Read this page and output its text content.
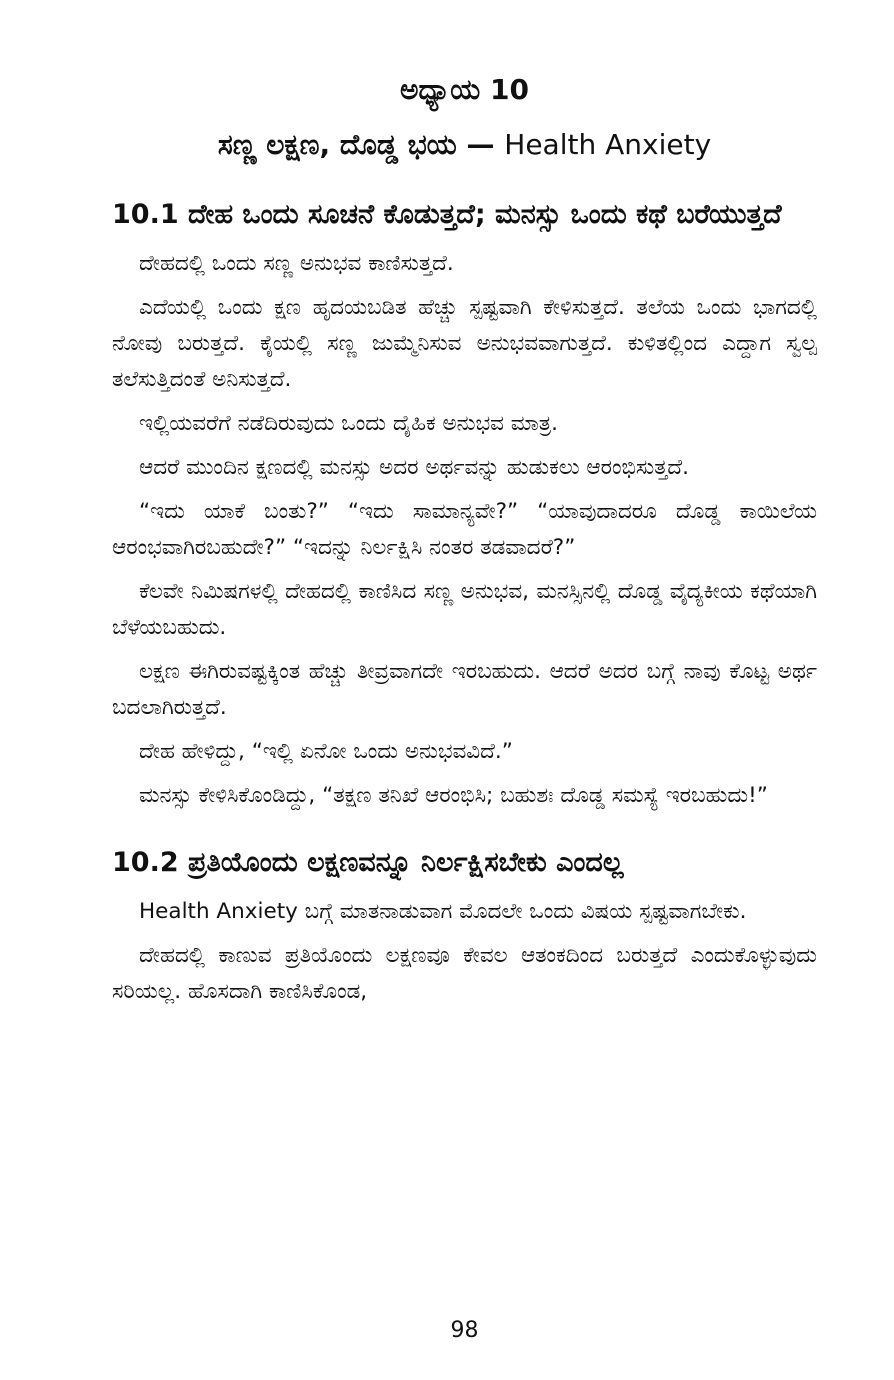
ಅಧ್ಯಾಯ 10
ಸಣ್ಣ ಲಕ್ಷಣ, ದೊಡ್ಡ ಭಯ — Health Anxiety
10.1 ದೇಹ ಒಂದು ಸೂಚನೆ ಕೊಡುತ್ತದೆ; ಮನಸ್ಸು ಒಂದು ಕಥೆ ಬರೆಯುತ್ತದೆ

ದೇಹದಲ್ಲಿ ಒಂದು ಸಣ್ಣ ಅನುಭವ ಕಾಣಿಸುತ್ತದೆ.

ಎದೆಯಲ್ಲಿ ಒಂದು ಕ್ಷಣ ಹೃದಯಬಡಿತ ಹೆಚ್ಚು ಸ್ಪಷ್ಟವಾಗಿ ಕೇಳಿಸುತ್ತದೆ. ತಲೆಯ ಒಂದು ಭಾಗದಲ್ಲಿ ನೋವು ಬರುತ್ತದೆ. ಕೈಯಲ್ಲಿ ಸಣ್ಣ ಜುಮ್ಮೆನಿಸುವ ಅನುಭವವಾಗುತ್ತದೆ. ಕುಳಿತಲ್ಲಿಂದ ಎದ್ದಾಗ ಸ್ವಲ್ಪ ತಲೆಸುತ್ತಿದಂತೆ ಅನಿಸುತ್ತದೆ.

ಇಲ್ಲಿಯವರೆಗೆ ನಡೆದಿರುವುದು ಒಂದು ದೈಹಿಕ ಅನುಭವ ಮಾತ್ರ.

ಆದರೆ ಮುಂದಿನ ಕ್ಷಣದಲ್ಲಿ ಮನಸ್ಸು ಅದರ ಅರ್ಥವನ್ನು ಹುಡುಕಲು ಆರಂಭಿಸುತ್ತದೆ.

“ಇದು ಯಾಕೆ ಬಂತು?” “ಇದು ಸಾಮಾನ್ಯವೇ?” “ಯಾವುದಾದರೂ ದೊಡ್ಡ ಕಾಯಿಲೆಯ ಆರಂಭವಾಗಿರಬಹುದೇ?” “ಇದನ್ನು ನಿರ್ಲಕ್ಷಿಸಿ ನಂತರ ತಡವಾದರೆ?”

ಕೆಲವೇ ನಿಮಿಷಗಳಲ್ಲಿ ದೇಹದಲ್ಲಿ ಕಾಣಿಸಿದ ಸಣ್ಣ ಅನುಭವ, ಮನಸ್ಸಿನಲ್ಲಿ ದೊಡ್ಡ ವೈದ್ಯಕೀಯ ಕಥೆಯಾಗಿ ಬೆಳೆಯಬಹುದು.

ಲಕ್ಷಣ ಈಗಿರುವಷ್ಟಕ್ಕಿಂತ ಹೆಚ್ಚು ತೀವ್ರವಾಗದೇ ಇರಬಹುದು. ಆದರೆ ಅದರ ಬಗ್ಗೆ ನಾವು ಕೊಟ್ಟ ಅರ್ಥ ಬದಲಾಗಿರುತ್ತದೆ.

ದೇಹ ಹೇಳಿದ್ದು, “ಇಲ್ಲಿ ಏನೋ ಒಂದು ಅನುಭವವಿದೆ.”

ಮನಸ್ಸು ಕೇಳಿಸಿಕೊಂಡಿದ್ದು, “ತಕ್ಷಣ ತನಿಖೆ ಆರಂಭಿಸಿ; ಬಹುಶಃ ದೊಡ್ಡ ಸಮಸ್ಯೆ ಇರಬಹುದು!”

10.2 ಪ್ರತಿಯೊಂದು ಲಕ್ಷಣವನ್ನೂ ನಿರ್ಲಕ್ಷಿಸಬೇಕು ಎಂದಲ್ಲ

Health Anxiety ಬಗ್ಗೆ ಮಾತನಾಡುವಾಗ ಮೊದಲೇ ಒಂದು ವಿಷಯ ಸ್ಪಷ್ಟವಾಗಬೇಕು.

ದೇಹದಲ್ಲಿ ಕಾಣುವ ಪ್ರತಿಯೊಂದು ಲಕ್ಷಣವೂ ಕೇವಲ ಆತಂಕದಿಂದ ಬರುತ್ತದೆ ಎಂದುಕೊಳ್ಳುವುದು ಸರಿಯಲ್ಲ. ಹೊಸದಾಗಿ ಕಾಣಿಸಿಕೊಂಡ,

98
